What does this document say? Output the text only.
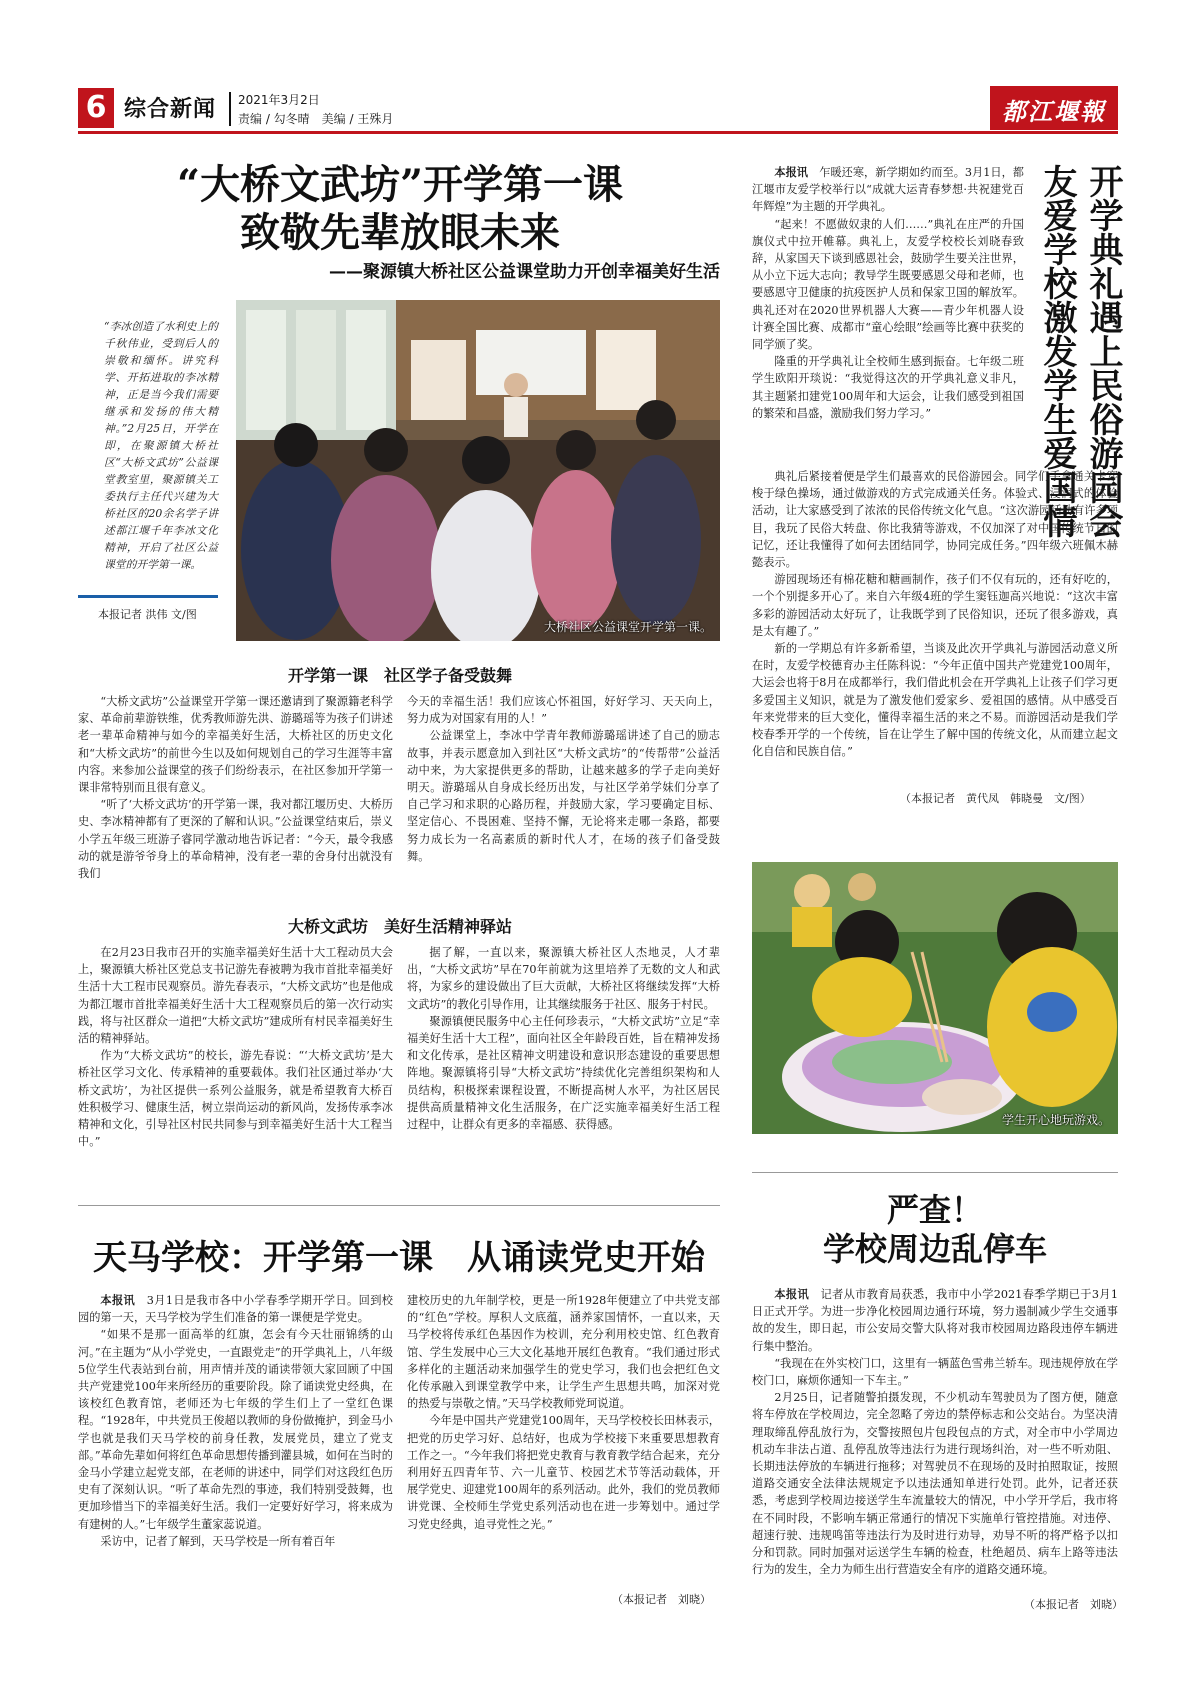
6 综合新闻 2021年3月2日
责编 / 勾冬晴　美编 / 王殊月	都江堰報
“大桥文武坊”开学第一课
致敬先辈放眼未来
——聚源镇大桥社区公益课堂助力开创幸福美好生活
“李冰创造了水利史上的千秋伟业，受到后人的崇敬和缅怀。讲究科学、开拓进取的李冰精神，正是当今我们需要继承和发扬的伟大精神。”2月25日，开学在即，在聚源镇大桥社区“大桥文武坊”公益课堂教室里，聚源镇关工委执行主任代兴建为大桥社区的20余名学子讲述都江堰千年李冰文化精神，开启了社区公益课堂的开学第一课。
本报记者 洪伟 文/图
大桥社区公益课堂开学第一课。
开学第一课　社区学子备受鼓舞

“大桥文武坊”公益课堂开学第一课还邀请到了聚源籍老科学家、革命前辈游铁维，优秀教师游先洪、游璐瑶等为孩子们讲述老一辈革命精神与如今的幸福美好生活，大桥社区的历史文化和“大桥文武坊”的前世今生以及如何规划自己的学习生涯等丰富内容。来参加公益课堂的孩子们纷纷表示，在社区参加开学第一课非常特别而且很有意义。

“听了‘大桥文武坊’的开学第一课，我对都江堰历史、大桥历史、李冰精神都有了更深的了解和认识。”公益课堂结束后，崇义小学五年级三班游子睿同学激动地告诉记者：“今天，最令我感动的就是游爷爷身上的革命精神，没有老一辈的舍身付出就没有我们

今天的幸福生活！我们应该心怀祖国，好好学习、天天向上，努力成为对国家有用的人！”

公益课堂上，李冰中学青年教师游璐瑶讲述了自己的励志故事，并表示愿意加入到社区“大桥文武坊”的“传帮带”公益活动中来，为大家提供更多的帮助，让越来越多的学子走向美好明天。游璐瑶从自身成长经历出发，与社区学弟学妹们分享了自己学习和求职的心路历程，并鼓励大家，学习要确定目标、坚定信心、不畏困难、坚持不懈，无论将来走哪一条路，都要努力成长为一名高素质的新时代人才，在场的孩子们备受鼓舞。

大桥文武坊　美好生活精神驿站

在2月23日我市召开的实施幸福美好生活十大工程动员大会上，聚源镇大桥社区党总支书记游先春被聘为我市首批幸福美好生活十大工程市民观察员。游先春表示，“大桥文武坊”也是他成为都江堰市首批幸福美好生活十大工程观察员后的第一次行动实践，将与社区群众一道把“大桥文武坊”建成所有村民幸福美好生活的精神驿站。

作为“大桥文武坊”的校长，游先春说：“‘大桥文武坊’是大桥社区学习文化、传承精神的重要载体。我们社区通过举办‘大桥文武坊’，为社区提供一系列公益服务，就是希望教育大桥百姓积极学习、健康生活，树立崇尚运动的新风尚，发扬传承李冰精神和文化，引导社区村民共同参与到幸福美好生活十大工程当中。”

据了解，一直以来，聚源镇大桥社区人杰地灵，人才辈出，“大桥文武坊”早在70年前就为这里培养了无数的文人和武将，为家乡的建设做出了巨大贡献，大桥社区将继续发挥“大桥文武坊”的教化引导作用，让其继续服务于社区、服务于村民。

聚源镇便民服务中心主任何珍表示，“大桥文武坊”立足“幸福美好生活十大工程”，面向社区全年龄段百姓，旨在精神发扬和文化传承，是社区精神文明建设和意识形态建设的重要思想阵地。聚源镇将引导“大桥文武坊”持续优化完善组织架构和人员结构，积极探索课程设置，不断提高树人水平，为社区居民提供高质量精神文化生活服务，在广泛实施幸福美好生活工程过程中，让群众有更多的幸福感、获得感。

天马学校：开学第一课　从诵读党史开始

本报讯　 3月1日是我市各中小学春季学期开学日。回到校园的第一天，天马学校为学生们准备的第一课便是学党史。

“如果不是那一面高举的红旗，怎会有今天壮丽锦绣的山河。”在主题为“从小学党史，一直跟党走”的开学典礼上，八年级5位学生代表站到台前，用声情并茂的诵读带领大家回顾了中国共产党建党100年来所经历的重要阶段。除了诵读党史经典，在该校红色教育馆，老师还为七年级的学生们上了一堂红色课程。“1928年，中共党员王俊超以教师的身份做掩护，到金马小学也就是我们天马学校的前身任教，发展党员，建立了党支部。”革命先辈如何将红色革命思想传播到灌县城，如何在当时的金马小学建立起党支部，在老师的讲述中，同学们对这段红色历史有了深刻认识。“听了革命先烈的事迹，我们特别受鼓舞，也更加珍惜当下的幸福美好生活。我们一定要好好学习，将来成为有建树的人。”七年级学生董家蕊说道。

采访中，记者了解到，天马学校是一所有着百年

建校历史的九年制学校，更是一所1928年便建立了中共党支部的“红色”学校。厚积人文底蕴，涵养家国情怀，一直以来，天马学校将传承红色基因作为校训，充分利用校史馆、红色教育馆、学生发展中心三大文化基地开展红色教育。“我们通过形式多样化的主题活动来加强学生的党史学习，我们也会把红色文化传承融入到课堂教学中来，让学生产生思想共鸣，加深对党的热爱与崇敬之情。”天马学校教师党珂说道。

今年是中国共产党建党100周年，天马学校校长田林表示，把党的历史学习好、总结好，也成为学校接下来重要思想教育工作之一。“今年我们将把党史教育与教育教学结合起来，充分利用好五四青年节、六一儿童节、校园艺术节等活动载体，开展学党史、迎建党100周年的系列活动。此外，我们的党员教师讲党课、全校师生学党史系列活动也在进一步筹划中。通过学习党史经典，追寻党性之光。”

（本报记者　刘晓）
开学典礼遇上民俗游园会
友爱学校激发学生爱国情

本报讯　 乍暖还寒，新学期如约而至。3月1日，都江堰市友爱学校举行以“成就大运青春梦想·共祝建党百年辉煌”为主题的开学典礼。

“起来！不愿做奴隶的人们……”典礼在庄严的升国旗仪式中拉开帷幕。典礼上，友爱学校校长刘晓春致辞，从家国天下谈到感恩社会，鼓励学生要关注世界，从小立下远大志向；教导学生既要感恩父母和老师，也要感恩守卫健康的抗疫医护人员和保家卫国的解放军。典礼还对在2020世界机器人大赛——青少年机器人设计赛全国比赛、成都市“童心绘眼”绘画等比赛中获奖的同学颁了奖。

隆重的开学典礼让全校师生感到振奋。七年级二班学生欧阳开琰说：“我觉得这次的开学典礼意义非凡，其主题紧扣建党100周年和大运会，让我们感受到祖国的繁荣和昌盛，激励我们努力学习。”

典礼后紧接着便是学生们最喜欢的民俗游园会。同学们手拿通关卡穿梭于绿色操场，通过做游戏的方式完成通关任务。体验式、浸润式的体验活动，让大家感受到了浓浓的民俗传统文化气息。“这次游园活动有许多项目，我玩了民俗大转盘、你比我猜等游戏，不仅加深了对中国传统节日的记忆，还让我懂得了如何去团结同学，协同完成任务。”四年级六班佩木赫懿表示。

游园现场还有棉花糖和糖画制作，孩子们不仅有玩的，还有好吃的，一个个别提多开心了。来自六年级4班的学生窦钰迦高兴地说：“这次丰富多彩的游园活动太好玩了，让我既学到了民俗知识，还玩了很多游戏，真是太有趣了。”

新的一学期总有许多新希望，当谈及此次开学典礼与游园活动意义所在时，友爱学校德育办主任陈科说：“今年正值中国共产党建党100周年，大运会也将于8月在成都举行，我们借此机会在开学典礼上让孩子们学习更多爱国主义知识，就是为了激发他们爱家乡、爱祖国的感情。从中感受百年来党带来的巨大变化，懂得幸福生活的来之不易。而游园活动是我们学校春季开学的一个传统，旨在让学生了解中国的传统文化，从而建立起文化自信和民族自信。”

（本报记者　黄代凤　韩晓曼　文/图）
学生开心地玩游戏。
严查！
学校周边乱停车

本报讯　 记者从市教育局获悉，我市中小学2021春季学期已于3月1日正式开学。为进一步净化校园周边通行环境，努力遏制减少学生交通事故的发生，即日起，市公安局交警大队将对我市校园周边路段违停车辆进行集中整治。

“我现在在外实校门口，这里有一辆蓝色雪弗兰轿车。现违规停放在学校门口，麻烦你通知一下车主。”

2月25日，记者随警拍摄发现，不少机动车驾驶员为了图方便，随意将车停放在学校周边，完全忽略了旁边的禁停标志和公交站台。为坚决清理取缔乱停乱放行为，交警按照包片包段包点的方式，对全市中小学周边机动车非法占道、乱停乱放等违法行为进行现场纠治，对一些不听劝阻、长期违法停放的车辆进行拖移；对驾驶员不在现场的及时拍照取证，按照道路交通安全法律法规规定予以违法通知单进行处罚。此外，记者还获悉，考虑到学校周边接送学生车流量较大的情况，中小学开学后，我市将在不同时段，不影响车辆正常通行的情况下实施单行管控措施。对违停、超速行驶、违规鸣笛等违法行为及时进行劝导，劝导不听的将严格予以扣分和罚款。同时加强对运送学生车辆的检查，杜绝超员、病车上路等违法行为的发生，全力为师生出行营造安全有序的道路交通环境。

（本报记者　刘晓）
